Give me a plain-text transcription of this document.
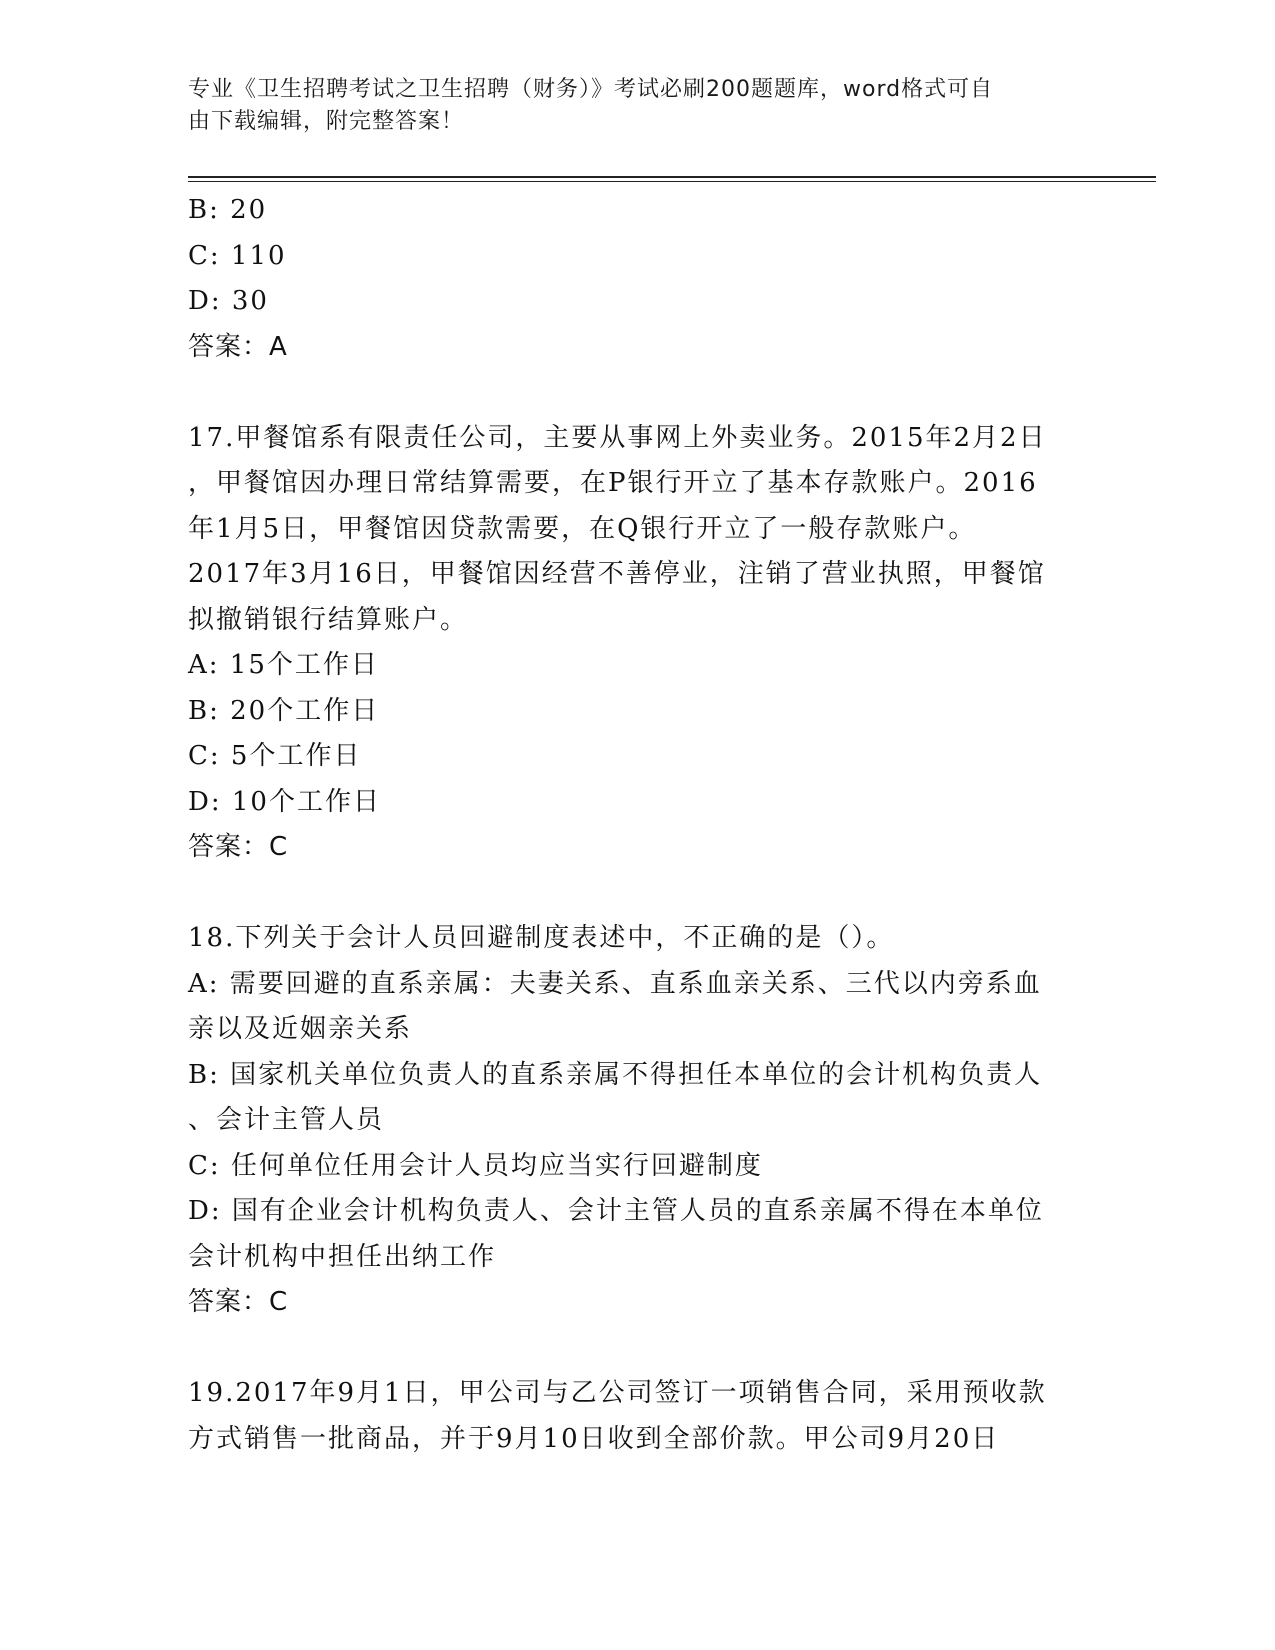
专业《卫生招聘考试之卫生招聘（财务）》考试必刷200题题库，word格式可自
由下载编辑，附完整答案！
B: 20
C: 110
D: 30
答案：A
17.甲餐馆系有限责任公司，主要从事网上外卖业务。2015年2月2日
，甲餐馆因办理日常结算需要，在P银行开立了基本存款账户。2016
年1月5日，甲餐馆因贷款需要，在Q银行开立了一般存款账户。
2017年3月16日，甲餐馆因经营不善停业，注销了营业执照，甲餐馆
拟撤销银行结算账户。
A: 15个工作日
B: 20个工作日
C: 5个工作日
D: 10个工作日
答案：C
18.下列关于会计人员回避制度表述中，不正确的是（）。
A: 需要回避的直系亲属：夫妻关系、直系血亲关系、三代以内旁系血
亲以及近姻亲关系
B: 国家机关单位负责人的直系亲属不得担任本单位的会计机构负责人
、会计主管人员
C: 任何单位任用会计人员均应当实行回避制度
D: 国有企业会计机构负责人、会计主管人员的直系亲属不得在本单位
会计机构中担任出纳工作
答案：C
19.2017年9月1日，甲公司与乙公司签订一项销售合同，采用预收款
方式销售一批商品，并于9月10日收到全部价款。甲公司9月20日
